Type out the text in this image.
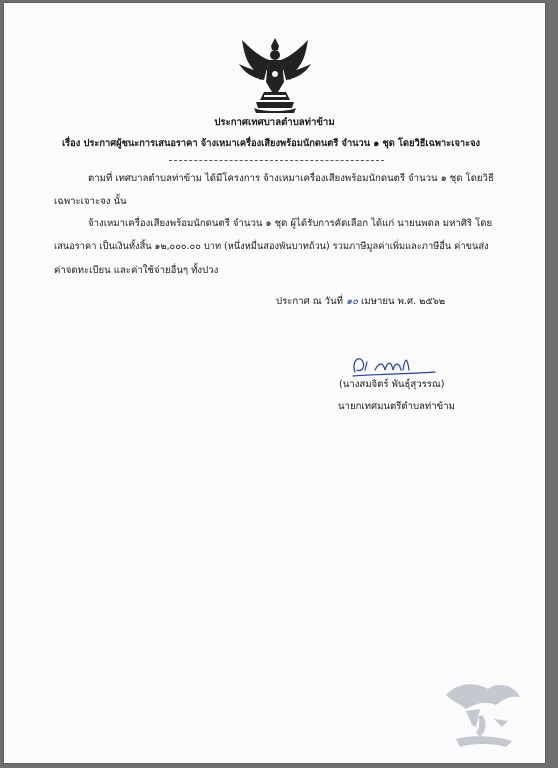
ประกาศเทศบาลตำบลท่าข้าม
เรื่อง ประกาศผู้ชนะการเสนอราคา จ้างเหมาเครื่องเสียงพร้อมนักดนตรี จำนวน ๑ ชุด โดยวิธีเฉพาะเจาะจง
ตามที่ เทศบาลตำบลท่าข้าม ได้มีโครงการ จ้างเหมาเครื่องเสียงพร้อมนักดนตรี จำนวน ๑ ชุด โดยวิธี
เฉพาะเจาะจง นั้น
จ้างเหมาเครื่องเสียงพร้อมนักดนตรี จำนวน ๑ ชุด ผู้ได้รับการคัดเลือก ได้แก่ นายนพดล มหาศิริ โดย
เสนอราคา เป็นเงินทั้งสิ้น ๑๒,๐๐๐.๐๐ บาท (หนึ่งหมื่นสองพันบาทถ้วน) รวมภาษีมูลค่าเพิ่มและภาษีอื่น ค่าขนส่ง
ค่าจดทะเบียน และค่าใช้จ่ายอื่นๆ ทั้งปวง
ประกาศ ณ วันที่ ๑๐ เมษายน พ.ศ. ๒๕๖๒
(นางสมจิตร์ พันธุ์สุวรรณ)
นายกเทศมนตรีตำบลท่าข้าม
